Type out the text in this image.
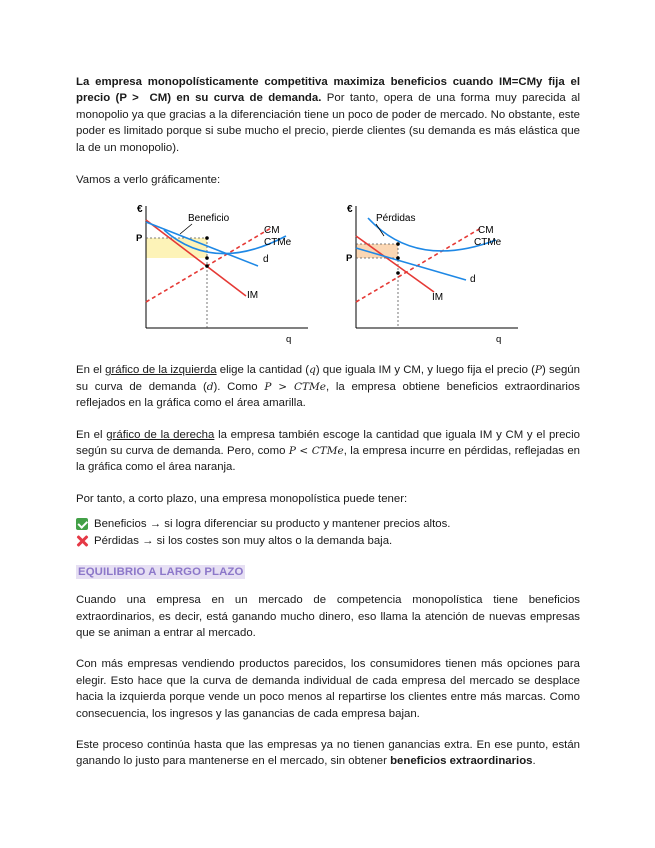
La empresa monopolísticamente competitiva maximiza beneficios cuando IM=CMy fija el precio (P > CM) en su curva de demanda. Por tanto, opera de una forma muy parecida al monopolio ya que gracias a la diferenciación tiene un poco de poder de mercado. No obstante, este poder es limitado porque si sube mucho el precio, pierde clientes (su demanda es más elástica que la de un monopolio).

Vamos a verlo gráficamente:

€
P
Beneficio
CM
CTMe
d
IM
q
€
P
Pérdidas
CM
CTMe
d
IM
q

En el gráfico de la izquierda elige la cantidad (q) que iguala IM y CM, y luego fija el precio (P) según su curva de demanda (d). Como P > CTMe, la empresa obtiene beneficios extraordinarios reflejados en la gráfica como el área amarilla.

En el gráfico de la derecha la empresa también escoge la cantidad que iguala IM y CM y el precio según su curva de demanda. Pero, como P < CTMe, la empresa incurre en pérdidas, reflejadas en la gráfica como el área naranja.

Por tanto, a corto plazo, una empresa monopolística puede tener:

Beneficios → si logra diferenciar su producto y mantener precios altos.
Pérdidas → si los costes son muy altos o la demanda baja.
EQUILIBRIO A LARGO PLAZO

Cuando una empresa en un mercado de competencia monopolística tiene beneficios extraordinarios, es decir, está ganando mucho dinero, eso llama la atención de nuevas empresas que se animan a entrar al mercado.

Con más empresas vendiendo productos parecidos, los consumidores tienen más opciones para elegir. Esto hace que la curva de demanda individual de cada empresa del mercado se desplace hacia la izquierda porque vende un poco menos al repartirse los clientes entre más marcas. Como consecuencia, los ingresos y las ganancias de cada empresa bajan.

Este proceso continúa hasta que las empresas ya no tienen ganancias extra. En ese punto, están ganando lo justo para mantenerse en el mercado, sin obtener beneficios extraordinarios.
